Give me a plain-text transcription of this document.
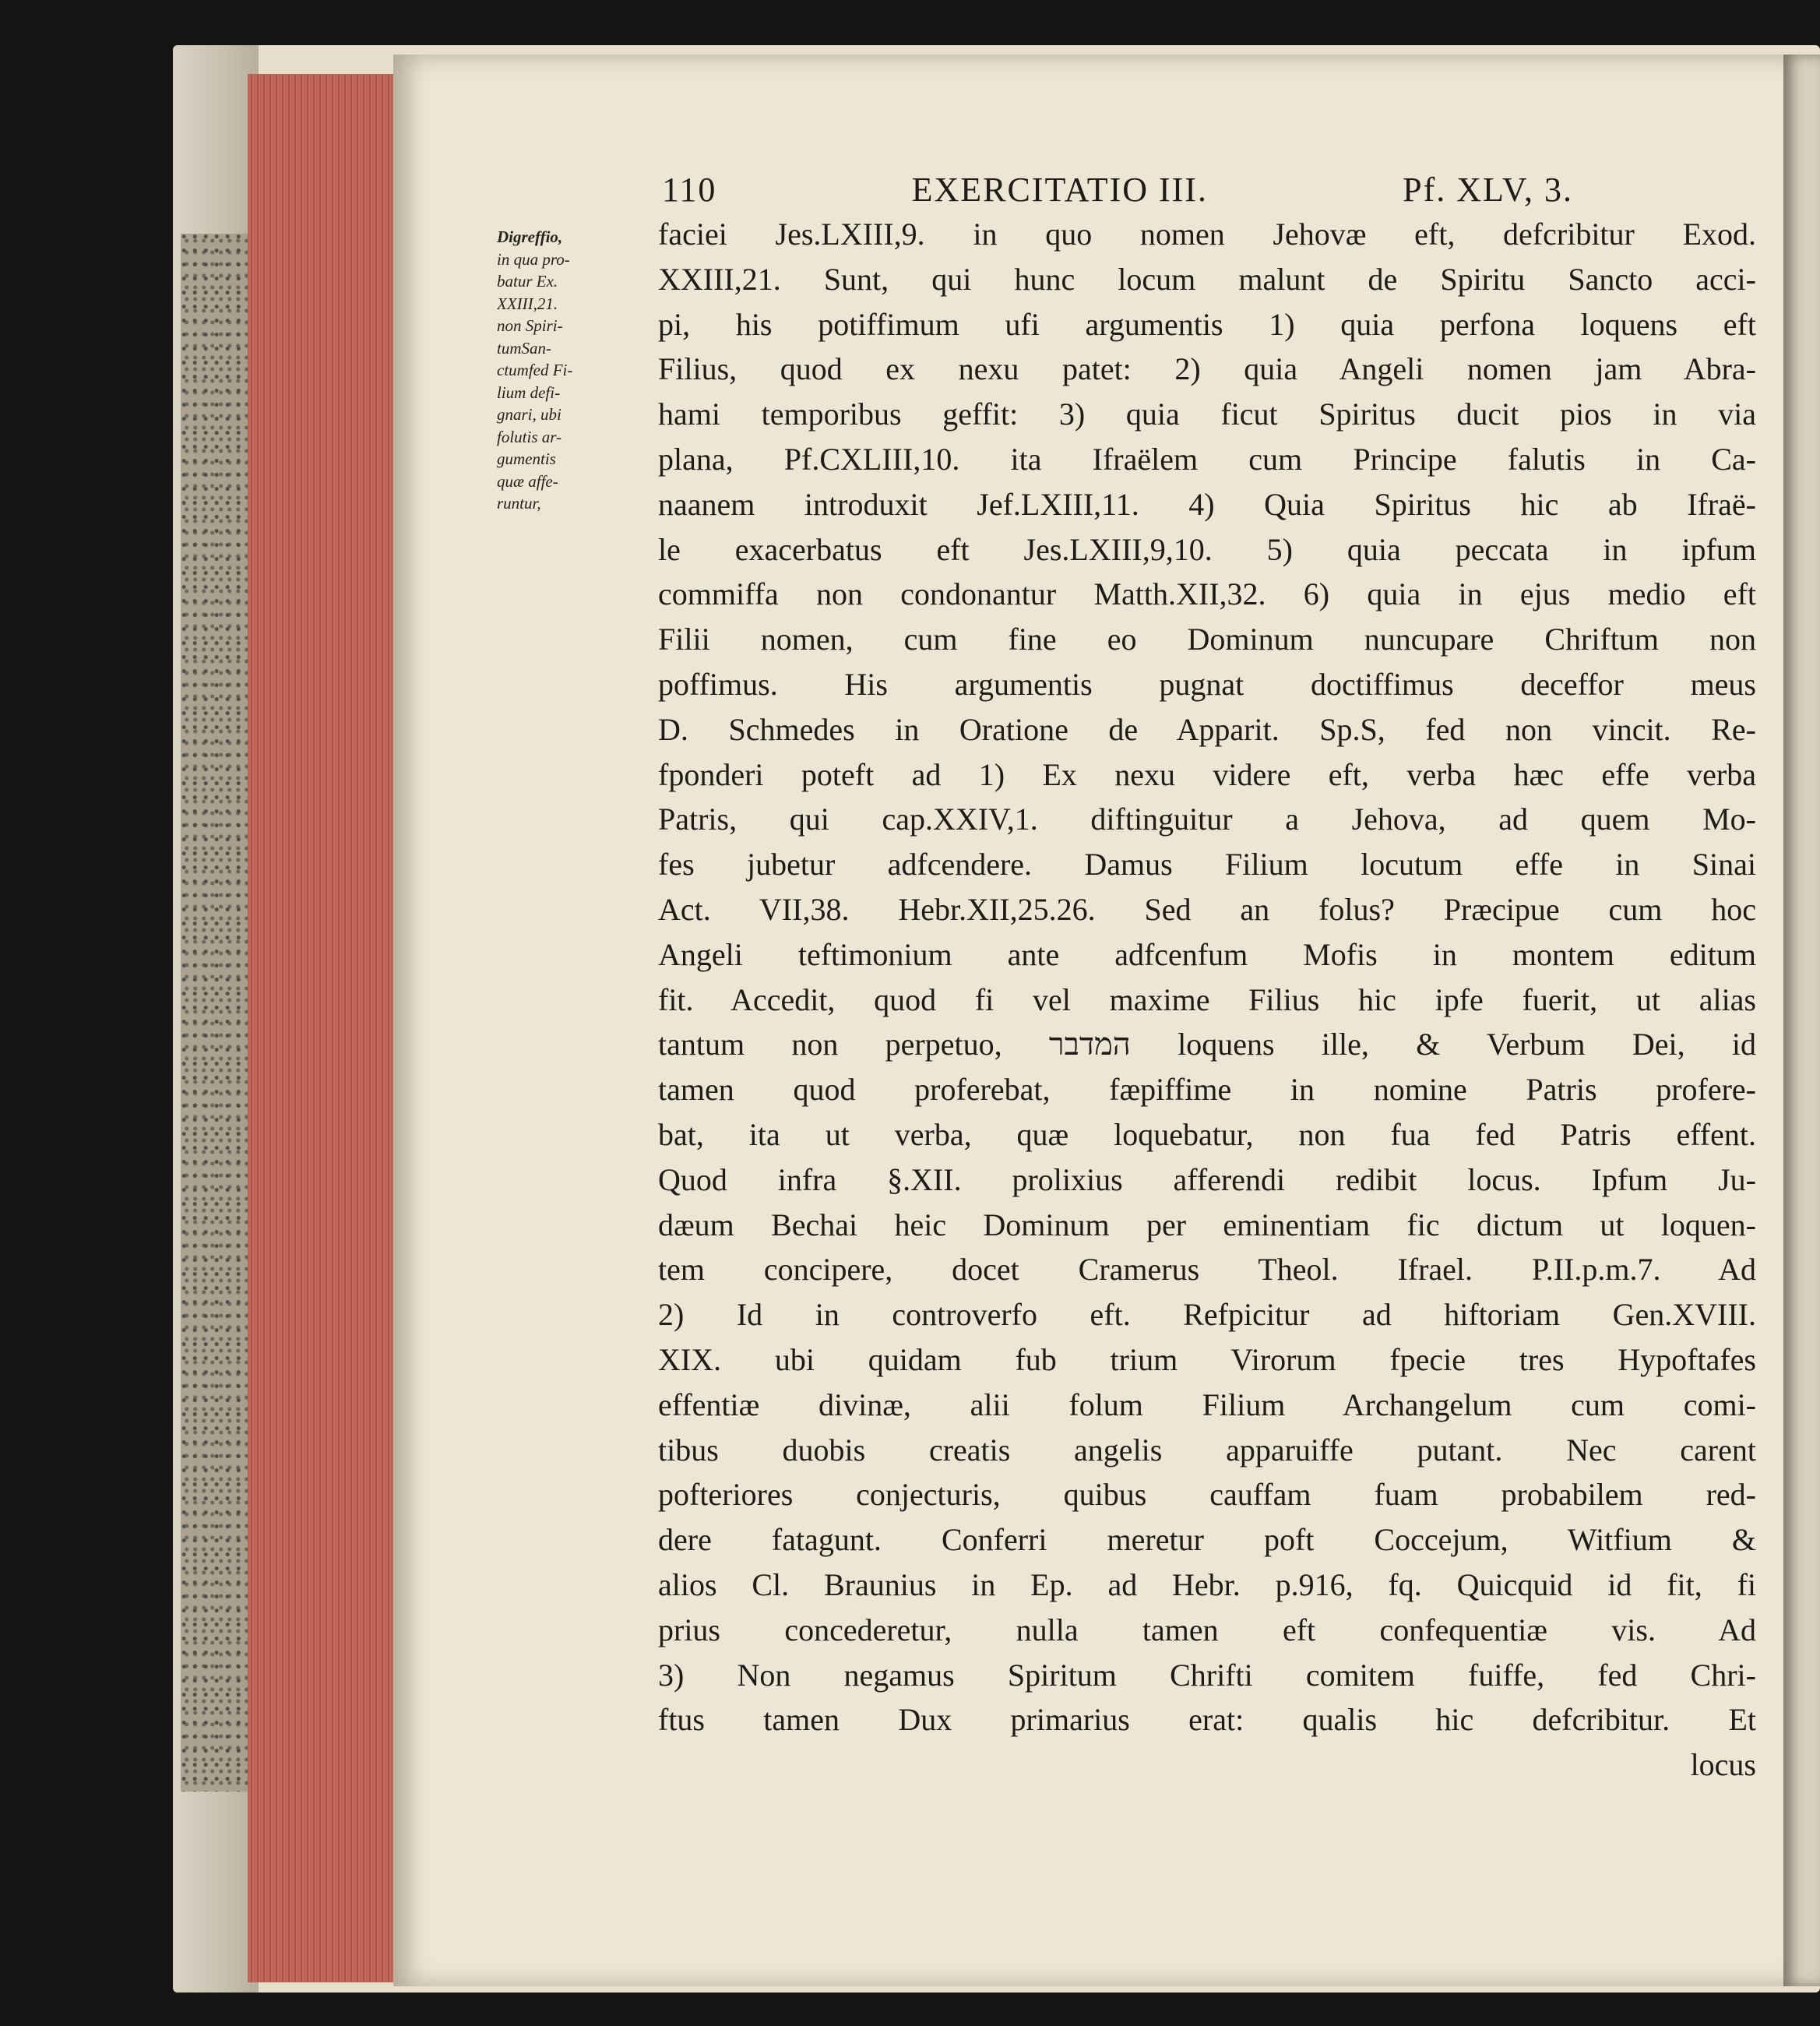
110	EXERCITATIO III.	Pf. XLV, 3.
Digreffio,
in qua pro-
batur Ex.
XXIII,21.
non Spiri-
tumSan-
ctumfed Fi-
lium defi-
gnari, ubi
folutis ar-
gumentis
quæ affe-
runtur,
faciei Jes.LXIII,9. in quo nomen Jehovæ eft, defcribitur Exod.
XXIII,21. Sunt, qui hunc locum malunt de Spiritu Sancto acci-
pi, his potiffimum ufi argumentis 1) quia perfona loquens eft
Filius, quod ex nexu patet: 2) quia Angeli nomen jam Abra-
hami temporibus geffit: 3) quia ficut Spiritus ducit pios in via
plana, Pf.CXLIII,10. ita Ifraëlem cum Principe falutis in Ca-
naanem introduxit Jef.LXIII,11. 4) Quia Spiritus hic ab Ifraë-
le exacerbatus eft Jes.LXIII,9,10. 5) quia peccata in ipfum
commiffa non condonantur Matth.XII,32. 6) quia in ejus medio eft
Filii nomen, cum fine eo Dominum nuncupare Chriftum non
poffimus. His argumentis pugnat doctiffimus deceffor meus
D. Schmedes in Oratione de Apparit. Sp.S, fed non vincit. Re-
fponderi poteft ad 1) Ex nexu videre eft, verba hæc effe verba
Patris, qui cap.XXIV,1. diftinguitur a Jehova, ad quem Mo-
fes jubetur adfcendere. Damus Filium locutum effe in Sinai
Act. VII,38. Hebr.XII,25.26. Sed an folus? Præcipue cum hoc
Angeli teftimonium ante adfcenfum Mofis in montem editum
fit. Accedit, quod fi vel maxime Filius hic ipfe fuerit, ut alias
tantum non perpetuo, המדבר loquens ille, & Verbum Dei, id
tamen quod proferebat, fæpiffime in nomine Patris profere-
bat, ita ut verba, quæ loquebatur, non fua fed Patris effent.
Quod infra §.XII. prolixius afferendi redibit locus. Ipfum Ju-
dæum Bechai heic Dominum per eminentiam fic dictum ut loquen-
tem concipere, docet Cramerus Theol. Ifrael. P.II.p.m.7. Ad
2) Id in controverfo eft. Refpicitur ad hiftoriam Gen.XVIII.
XIX. ubi quidam fub trium Virorum fpecie tres Hypoftafes
effentiæ divinæ, alii folum Filium Archangelum cum comi-
tibus duobis creatis angelis apparuiffe putant. Nec carent
pofteriores conjecturis, quibus cauffam fuam probabilem red-
dere fatagunt. Conferri meretur poft Coccejum, Witfium &
alios Cl. Braunius in Ep. ad Hebr. p.916, fq. Quicquid id fit, fi
prius concederetur, nulla tamen eft confequentiæ vis. Ad
3) Non negamus Spiritum Chrifti comitem fuiffe, fed Chri-
ftus tamen Dux primarius erat: qualis hic defcribitur. Et
locus
